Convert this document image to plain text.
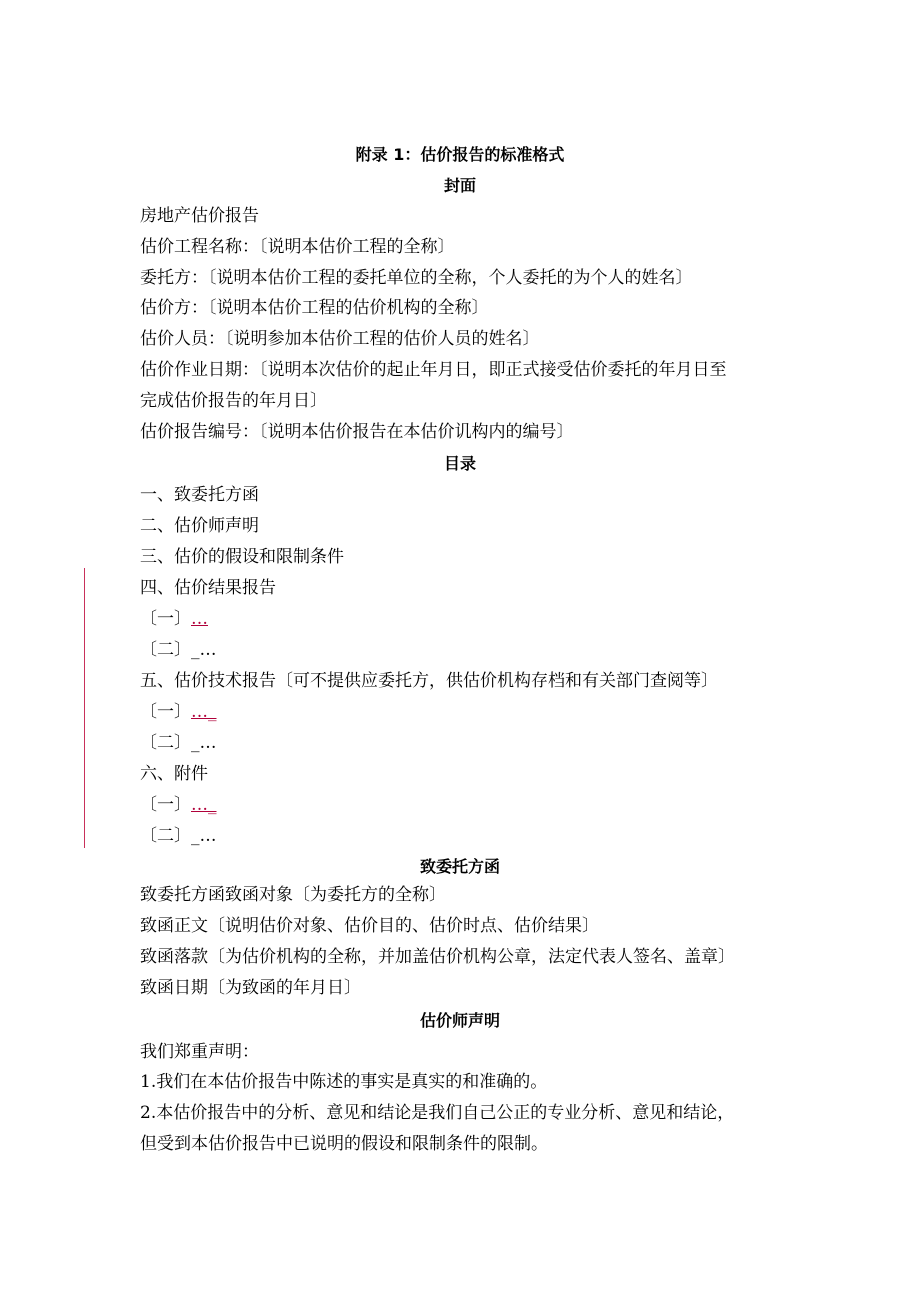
附录 1：估价报告的标准格式
封面
房地产估价报告
估价工程名称：〔说明本估价工程的全称〕
委托方：〔说明本估价工程的委托单位的全称，个人委托的为个人的姓名〕
估价方：〔说明本估价工程的估价机构的全称〕
估价人员：〔说明参加本估价工程的估价人员的姓名〕
估价作业日期：〔说明本次估价的起止年月日，即正式接受估价委托的年月日至
完成估价报告的年月日〕
估价报告编号：〔说明本估价报告在本估价讥构内的编号〕
目录
一、致委托方函
二、估价师声明
三、估价的假设和限制条件
四、估价结果报告
〔一〕…
〔二〕_…
五、估价技术报告〔可不提供应委托方，供估价机构存档和有关部门查阅等〕
〔一〕…_
〔二〕_…
六、附件
〔一〕…_
〔二〕_…
致委托方函
致委托方函致函对象〔为委托方的全称〕
致函正文〔说明估价对象、估价目的、估价时点、估价结果〕
致函落款〔为估价机构的全称，并加盖估价机构公章，法定代表人签名、盖章〕
致函日期〔为致函的年月日〕
估价师声明
我们郑重声明：
1.我们在本估价报告中陈述的事实是真实的和准确的。
2.本估价报告中的分析、意见和结论是我们自己公正的专业分析、意见和结论，
但受到本估价报告中已说明的假设和限制条件的限制。
